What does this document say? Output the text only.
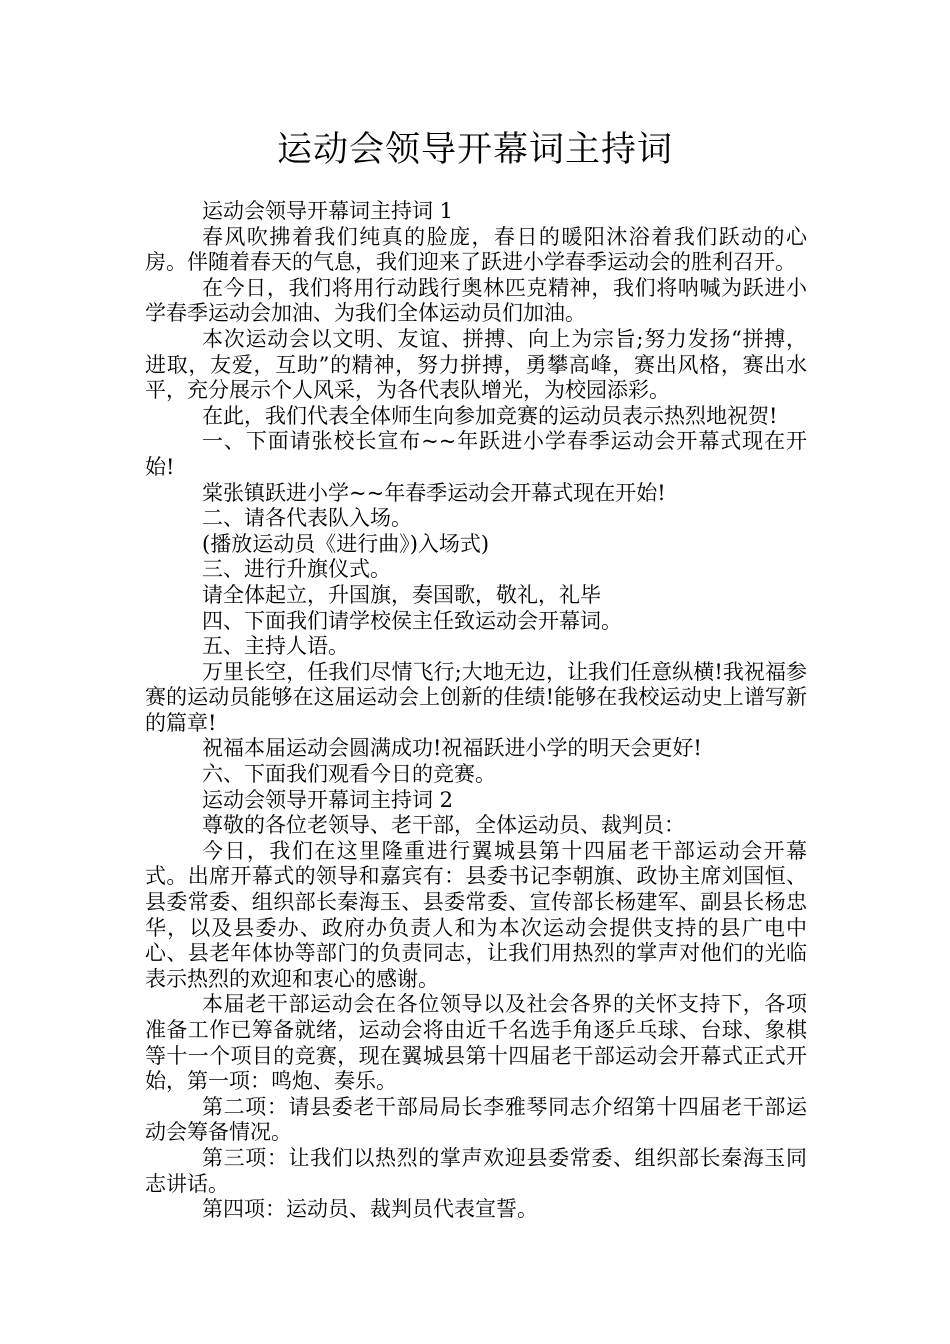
运动会领导开幕词主持词

运动会领导开幕词主持词 1

春风吹拂着我们纯真的脸庞，春日的暖阳沐浴着我们跃动的心房。伴随着春天的气息，我们迎来了跃进小学春季运动会的胜利召开。

在今日，我们将用行动践行奥林匹克精神，我们将呐喊为跃进小学春季运动会加油、为我们全体运动员们加油。

本次运动会以文明、友谊、拼搏、向上为宗旨;努力发扬“拼搏，进取，友爱，互助”的精神，努力拼搏，勇攀高峰，赛出风格，赛出水平，充分展示个人风采，为各代表队增光，为校园添彩。

在此，我们代表全体师生向参加竞赛的运动员表示热烈地祝贺!

一、下面请张校长宣布~~年跃进小学春季运动会开幕式现在开始!

棠张镇跃进小学~~年春季运动会开幕式现在开始!

二、请各代表队入场。

(播放运动员《进行曲》)入场式)

三、进行升旗仪式。

请全体起立，升国旗，奏国歌，敬礼，礼毕

四、下面我们请学校侯主任致运动会开幕词。

五、主持人语。

万里长空，任我们尽情飞行;大地无边，让我们任意纵横!我祝福参赛的运动员能够在这届运动会上创新的佳绩!能够在我校运动史上谱写新的篇章!

祝福本届运动会圆满成功!祝福跃进小学的明天会更好!

六、下面我们观看今日的竞赛。

运动会领导开幕词主持词 2

尊敬的各位老领导、老干部，全体运动员、裁判员：

今日，我们在这里隆重进行翼城县第十四届老干部运动会开幕式。出席开幕式的领导和嘉宾有：县委书记李朝旗、政协主席刘国恒、县委常委、组织部长秦海玉、县委常委、宣传部长杨建军、副县长杨忠华，以及县委办、政府办负责人和为本次运动会提供支持的县广电中心、县老年体协等部门的负责同志，让我们用热烈的掌声对他们的光临表示热烈的欢迎和衷心的感谢。

本届老干部运动会在各位领导以及社会各界的关怀支持下，各项准备工作已筹备就绪，运动会将由近千名选手角逐乒乓球、台球、象棋等十一个项目的竞赛，现在翼城县第十四届老干部运动会开幕式正式开始，第一项：鸣炮、奏乐。

第二项：请县委老干部局局长李雅琴同志介绍第十四届老干部运动会筹备情况。

第三项：让我们以热烈的掌声欢迎县委常委、组织部长秦海玉同志讲话。

第四项：运动员、裁判员代表宣誓。
